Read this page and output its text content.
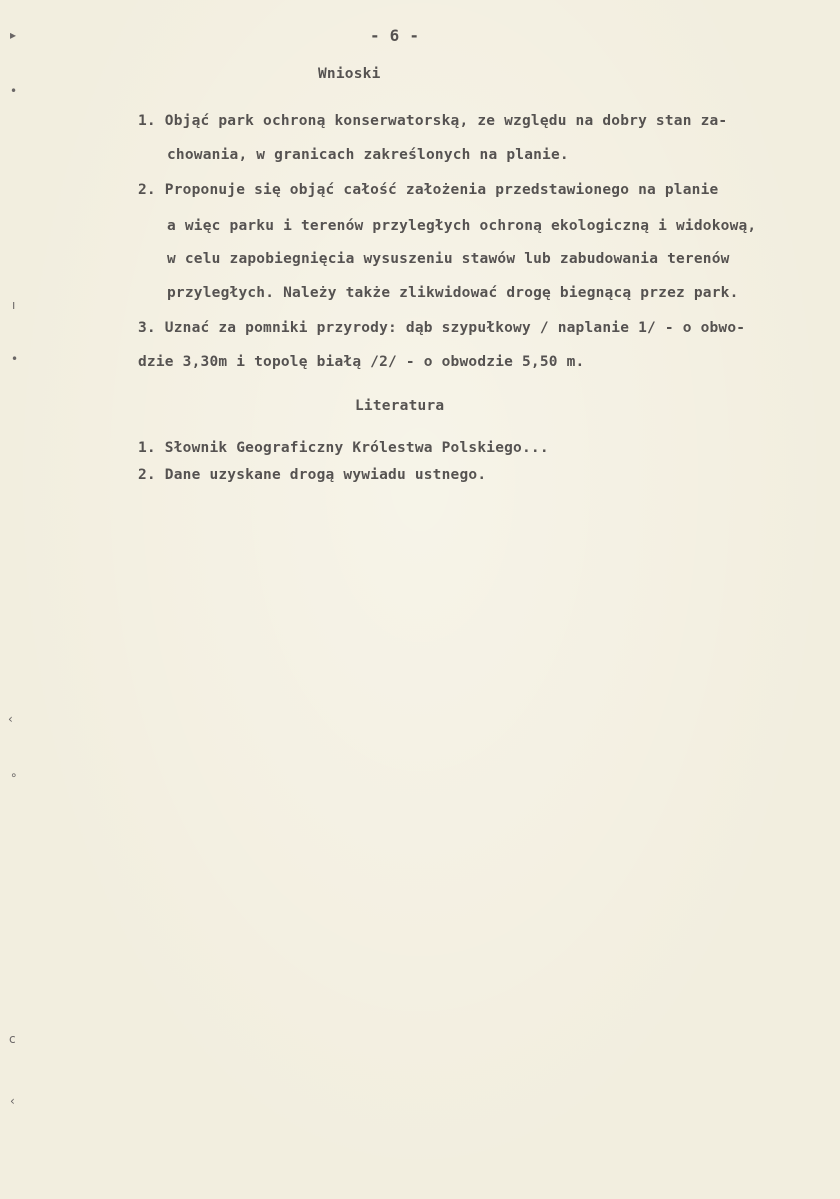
▸
•
ı
•
‹
∘
c
‹
- 6 -
Wnioski
1. Objąć park ochroną konserwatorską, ze względu na dobry stan za-
chowania, w granicach zakreślonych na planie.
2. Proponuje się objąć całość założenia przedstawionego na planie
a więc parku i terenów przyległych ochroną ekologiczną i widokową,
w celu zapobiegnięcia wysuszeniu stawów lub zabudowania terenów
przyległych. Należy także zlikwidować drogę biegnącą przez park.
3. Uznać za pomniki przyrody: dąb szypułkowy / naplanie 1/ - o obwo-
dzie 3,30m i topolę białą /2/ - o obwodzie 5,50 m.
Literatura
1. Słownik Geograficzny Królestwa Polskiego...
2. Dane uzyskane drogą wywiadu ustnego.
